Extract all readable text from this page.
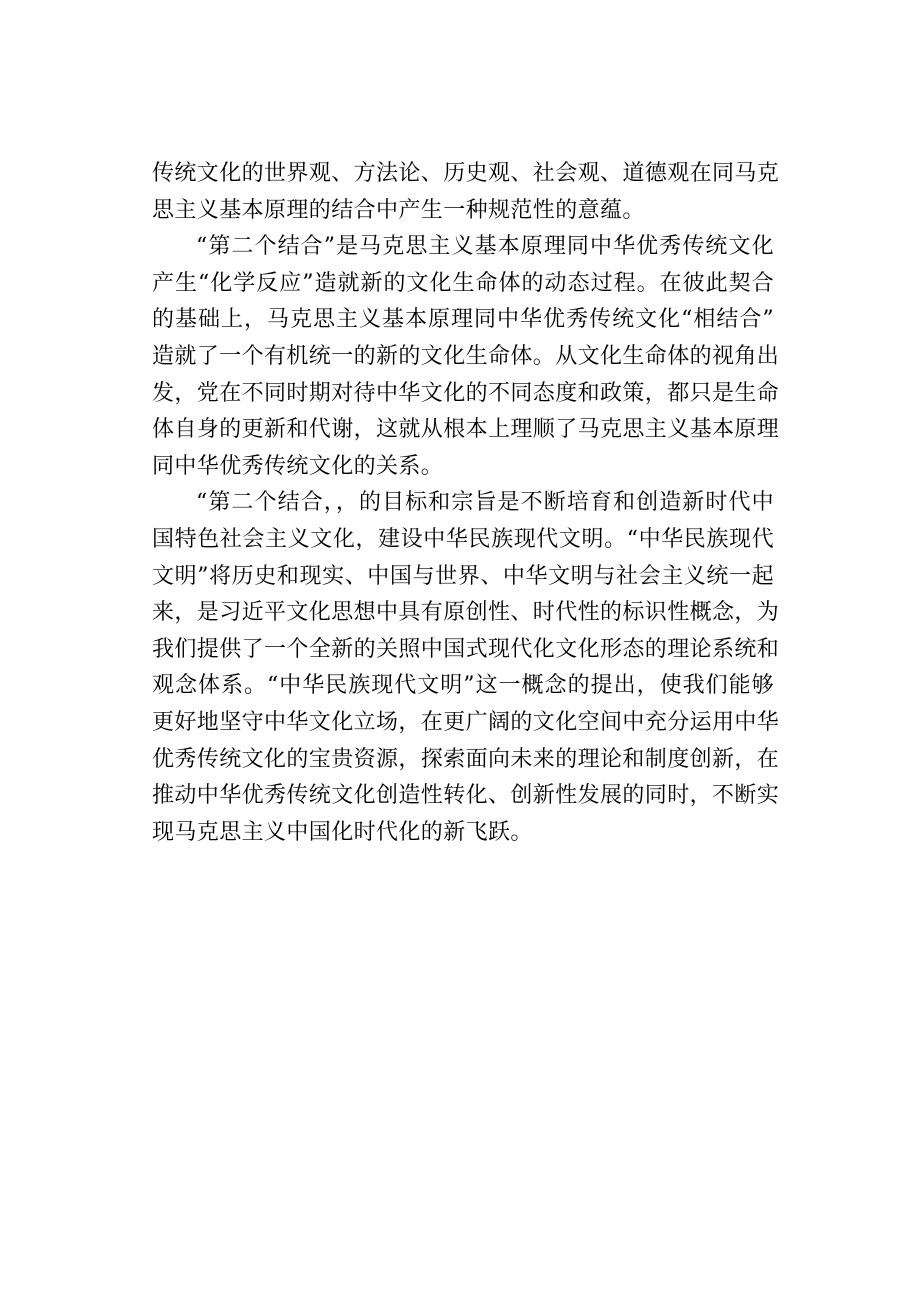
传统文化的世界观、方法论、历史观、社会观、道德观在同马克
思主义基本原理的结合中产生一种规范性的意蕴。
“第二个结合”是马克思主义基本原理同中华优秀传统文化
产生“化学反应”造就新的文化生命体的动态过程。在彼此契合
的基础上，马克思主义基本原理同中华优秀传统文化“相结合”
造就了一个有机统一的新的文化生命体。从文化生命体的视角出
发，党在不同时期对待中华文化的不同态度和政策，都只是生命
体自身的更新和代谢，这就从根本上理顺了马克思主义基本原理
同中华优秀传统文化的关系。
“第二个结合，，的目标和宗旨是不断培育和创造新时代中
国特色社会主义文化，建设中华民族现代文明。“中华民族现代
文明”将历史和现实、中国与世界、中华文明与社会主义统一起
来，是习近平文化思想中具有原创性、时代性的标识性概念，为
我们提供了一个全新的关照中国式现代化文化形态的理论系统和
观念体系。“中华民族现代文明”这一概念的提出，使我们能够
更好地坚守中华文化立场，在更广阔的文化空间中充分运用中华
优秀传统文化的宝贵资源，探索面向未来的理论和制度创新，在
推动中华优秀传统文化创造性转化、创新性发展的同时，不断实
现马克思主义中国化时代化的新飞跃。
